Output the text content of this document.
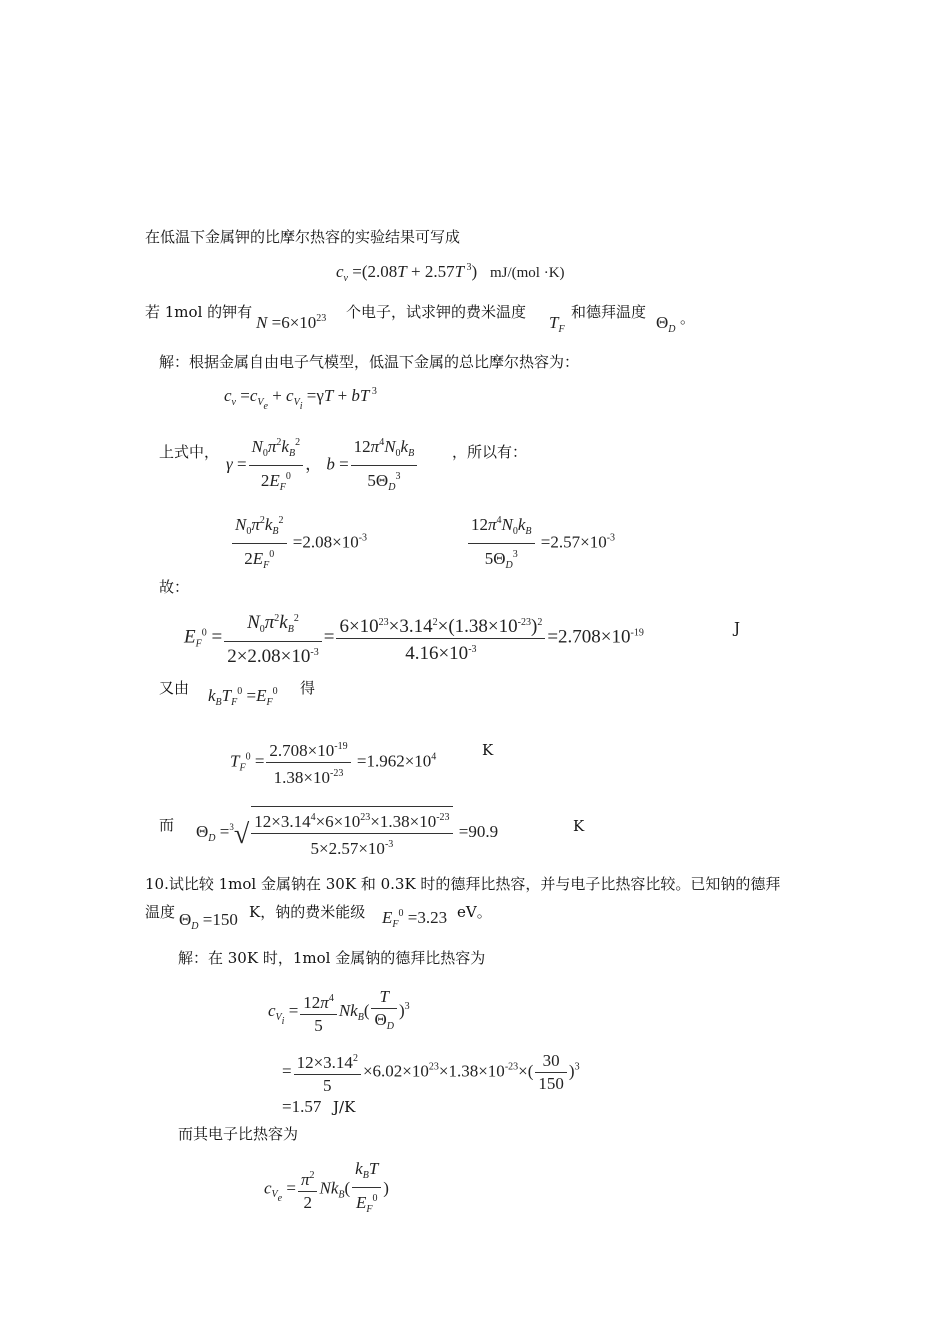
在低温下金属钾的比摩尔热容的实验结果可写成
$c_v =(2.08T + 2.57T$ $^3$)   mJ/(mol ·K)
若 1mol 的钾有
$N =6\times 10^{23}$ 个电子，试求钾的费米温度
$T_F$
和德拜温度
$\Theta_D$
。
解：根据金属自由电子气模型，低温下金属的总比摩尔热容为：
$c_v =c_{V_e} + c_{V_i} =\gamma T$ + bT $^3$
上式中，
$\gamma = \frac{N_0\pi^2k_B^2}{2E_F^0}$ ， $b = \frac{12\pi^4N_0k_B}{5\Theta_D^3}$ ，所以有：
$\frac{N_0\pi^2k_B^2}{2E_F^0} =2.08\times 10^{-3}$	$\frac{12\pi^4N_0k_B}{5\Theta_D^3} =2.57\times 10^{-3}$
故：
$E_F^0 = \frac{N_0\pi^2k_B^2}{2\times 2.08\times 10^{-3}} = \frac{6\times 10^{23}\times 3.14^2\times(1.38\times 10^{-23})^2}{4.16\times 10^{-3}} =2.708\times 10^{-19}$	J
又由 $k_BT_F^0 =E_F^0$ 得
$T_F^0 = \frac{2.708\times 10^{-19}}{1.38\times 10^{-23}} =1.962\times 10^4$	K
而 $\Theta_D =^3√ \frac{12\times 3.14^4\times 6\times 10^{23}\times 1.38\times 10^{-23}}{5\times 2.57\times 10^{-3}} =90.9$	K
10.试比较 1mol 金属钠在 30K 和 0.3K 时的德拜比热容，并与电子比热容比较。已知钠的德拜
温度 $\Theta_D =150$ K，钠的费米能级 $E_F^0 =3.23$ eV。
解：在 30K 时，1mol 金属钠的德拜比热容为
$c_{V_i} = \frac{12\pi^4}{5} Nk_B( \frac{T}{\Theta_D} )^3$
= $\frac{12\times 3.14^2}{5} \times 6.02\times 10^{23}\times 1.38\times 10^{-23}\times( \frac{30}{150} )^3$
=1.57 J/K
而其电子比热容为
$c_{V_e} = \frac{\pi^2}{2} Nk_B( \frac{k_BT}{E_F^0}$ )
